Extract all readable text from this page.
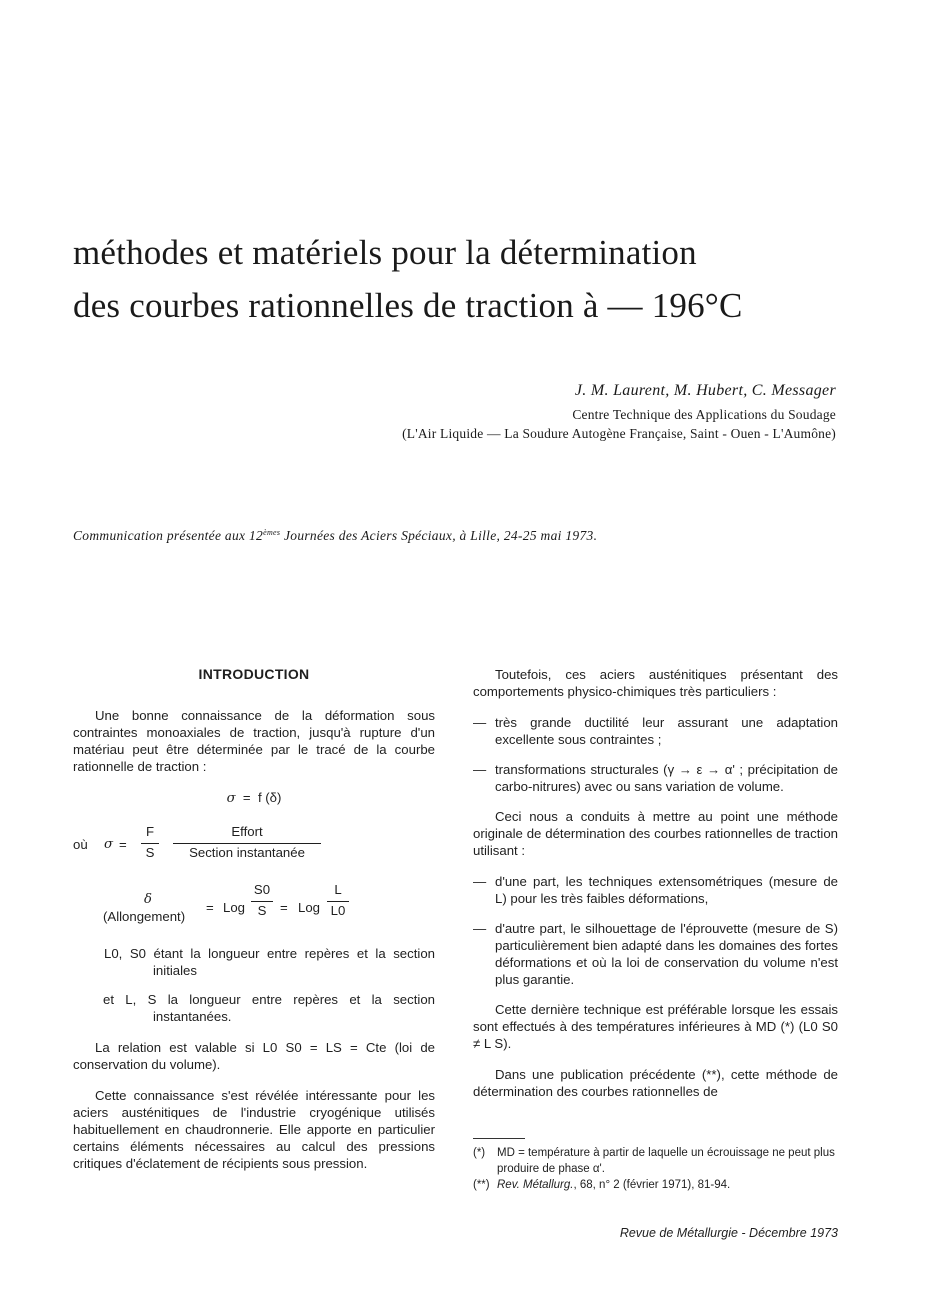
méthodes et matériels pour la détermination
des courbes rationnelles de traction à — 196°C
J. M. Laurent, M. Hubert, C. Messager
Centre Technique des Applications du Soudage
(L'Air Liquide — La Soudure Autogène Française, Saint - Ouen - L'Aumône)
Communication présentée aux 12èmes Journées des Aciers Spéciaux, à Lille, 24-25 mai 1973.
INTRODUCTION
Une bonne connaissance de la déformation sous contraintes monoaxiales de traction, jusqu'à rupture d'un matériau peut être déterminée par le tracé de la courbe rationnelle de traction :
σ = f (δ)
où $\sigma = \frac{F}{S}$	Effort
Section instantanée
δ
(Allongement)
= Log $\frac{S0}{S}$ = Log $\frac{L}{L0}$
L0, S0 étant la longueur entre repères et la section initiales
et L, S la longueur entre repères et la section instantanées.
La relation est valable si L0 S0 = LS = Cte (loi de conservation du volume).
Cette connaissance s'est révélée intéressante pour les aciers austénitiques de l'industrie cryogénique utilisés habituellement en chaudronnerie. Elle apporte en particulier certains éléments nécessaires au calcul des pressions critiques d'éclatement de récipients sous pression.
Toutefois, ces aciers austénitiques présentant des comportements physico-chimiques très particuliers :
— très grande ductilité leur assurant une adaptation excellente sous contraintes ;
— transformations structurales (γ → ε → α' ; précipitation de carbo-nitrures) avec ou sans variation de volume.
Ceci nous a conduits à mettre au point une méthode originale de détermination des courbes rationnelles de traction utilisant :
— d'une part, les techniques extensométriques (mesure de L) pour les très faibles déformations,
— d'autre part, le silhouettage de l'éprouvette (mesure de S) particulièrement bien adapté dans les domaines des fortes déformations et où la loi de conservation du volume n'est plus garantie.
Cette dernière technique est préférable lorsque les essais sont effectués à des températures inférieures à MD (*) (L0 S0 ≠ L S).
Dans une publication précédente (**), cette méthode de détermination des courbes rationnelles de
(*) MD = température à partir de laquelle un écrouissage ne peut plus produire de phase α'.
(**) Rev. Métallurg., 68, n° 2 (février 1971), 81-94.
Revue de Métallurgie - Décembre 1973
